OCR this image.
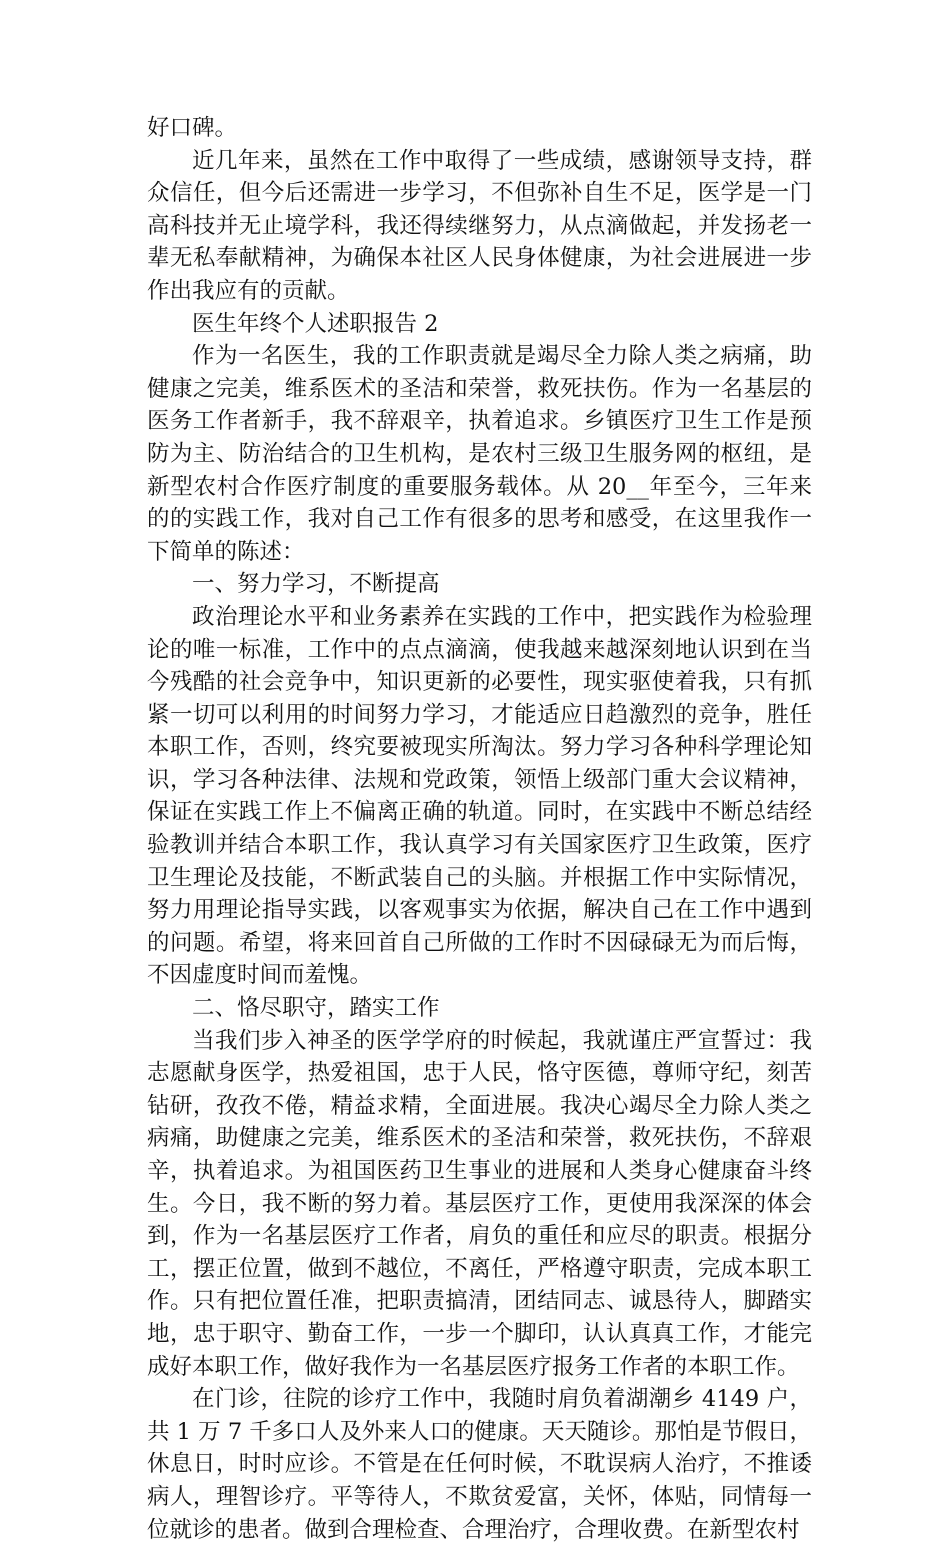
好口碑。

近几年来，虽然在工作中取得了一些成绩，感谢领导支持，群众信任，但今后还需进一步学习，不但弥补自生不足，医学是一门高科技并无止境学科，我还得续继努力，从点滴做起，并发扬老一辈无私奉献精神，为确保本社区人民身体健康，为社会进展进一步作出我应有的贡献。

医生年终个人述职报告 2

作为一名医生，我的工作职责就是竭尽全力除人类之病痛，助健康之完美，维系医术的圣洁和荣誉，救死扶伤。作为一名基层的医务工作者新手，我不辞艰辛，执着追求。乡镇医疗卫生工作是预防为主、防治结合的卫生机构，是农村三级卫生服务网的枢纽，是新型农村合作医疗制度的重要服务载体。从 20__年至今，三年来的的实践工作，我对自己工作有很多的思考和感受，在这里我作一下简单的陈述：

一、努力学习，不断提高

政治理论水平和业务素养在实践的工作中，把实践作为检验理论的唯一标准，工作中的点点滴滴，使我越来越深刻地认识到在当今残酷的社会竞争中，知识更新的必要性，现实驱使着我，只有抓紧一切可以利用的时间努力学习，才能适应日趋激烈的竞争，胜任本职工作，否则，终究要被现实所淘汰。努力学习各种科学理论知识，学习各种法律、法规和党政策，领悟上级部门重大会议精神，保证在实践工作上不偏离正确的轨道。同时，在实践中不断总结经验教训并结合本职工作，我认真学习有关国家医疗卫生政策，医疗卫生理论及技能，不断武装自己的头脑。并根据工作中实际情况，努力用理论指导实践，以客观事实为依据，解决自己在工作中遇到的问题。希望，将来回首自己所做的工作时不因碌碌无为而后悔，不因虚度时间而羞愧。

二、恪尽职守，踏实工作

当我们步入神圣的医学学府的时候起，我就谨庄严宣誓过：我志愿献身医学，热爱祖国，忠于人民，恪守医德，尊师守纪，刻苦钻研，孜孜不倦，精益求精，全面进展。我决心竭尽全力除人类之病痛，助健康之完美，维系医术的圣洁和荣誉，救死扶伤，不辞艰辛，执着追求。为祖国医药卫生事业的进展和人类身心健康奋斗终生。今日，我不断的努力着。基层医疗工作，更使用我深深的体会到，作为一名基层医疗工作者，肩负的重任和应尽的职责。根据分工，摆正位置，做到不越位，不离任，严格遵守职责，完成本职工作。只有把位置任准，把职责搞清，团结同志、诚恳待人，脚踏实地，忠于职守、勤奋工作，一步一个脚印，认认真真工作，才能完成好本职工作，做好我作为一名基层医疗报务工作者的本职工作。

在门诊，往院的诊疗工作中，我随时肩负着湖潮乡 4149 户，共 1 万 7 千多口人及外来人口的健康。天天随诊。那怕是节假日，休息日，时时应诊。不管是在任何时候，不耽误病人治疗，不推诿病人，理智诊疗。平等待人，不欺贫爱富，关怀，体贴，同情每一位就诊的患者。做到合理检查、合理治疗，合理收费。在新型农村
